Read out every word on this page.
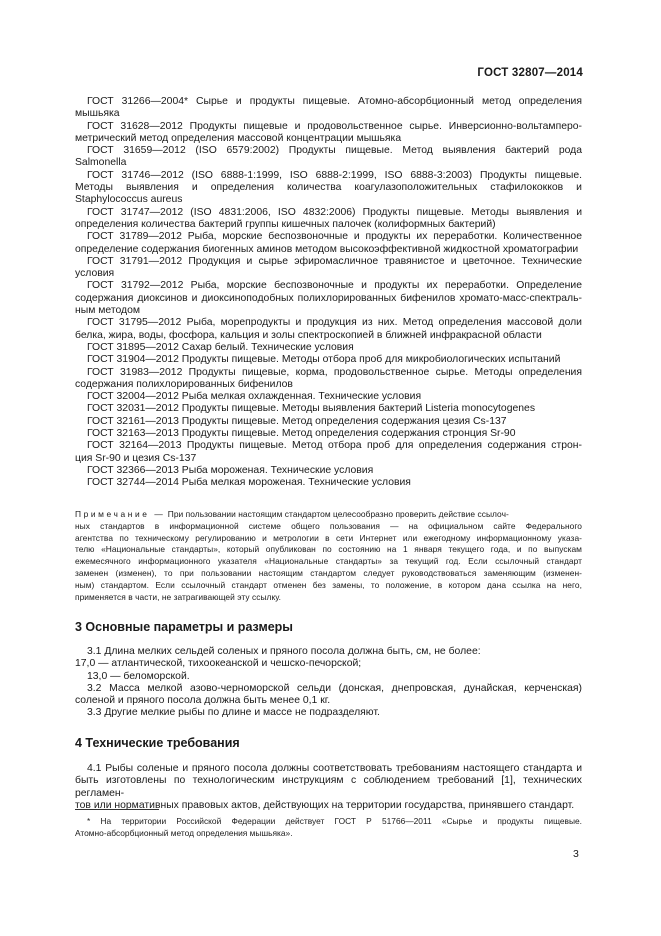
ГОСТ 32807—2014
ГОСТ 31266—2004* Сырье и продукты пищевые. Атомно-абсорбционный метод определения
мышьяка
ГОСТ 31628—2012 Продукты пищевые и продовольственное сырье. Инверсионно-вольтамперо-
метрический метод определения массовой концентрации мышьяка
ГОСТ 31659—2012 (ISO 6579:2002) Продукты пищевые. Метод выявления бактерий рода
Salmonella
ГОСТ 31746—2012 (ISO 6888-1:1999, ISO 6888-2:1999, ISO 6888-3:2003) Продукты пищевые.
Методы выявления и определения количества коагулазоположительных стафилококков и
Staphylococcus aureus
ГОСТ 31747—2012 (ISO 4831:2006, ISO 4832:2006) Продукты пищевые. Методы выявления и
определения количества бактерий группы кишечных палочек (колиформных бактерий)
ГОСТ 31789—2012 Рыба, морские беспозвоночные и продукты их переработки. Количественное
определение содержания биогенных аминов методом высокоэффективной жидкостной хроматографии
ГОСТ 31791—2012 Продукция и сырье эфиромасличное травянистое и цветочное. Технические
условия
ГОСТ 31792—2012 Рыба, морские беспозвоночные и продукты их переработки. Определение
содержания диоксинов и диоксиноподобных полихлорированных бифенилов хромато-масс-спектраль-
ным методом
ГОСТ 31795—2012 Рыба, морепродукты и продукция из них. Метод определения массовой доли
белка, жира, воды, фосфора, кальция и золы спектроскопией в ближней инфракрасной области
ГОСТ 31895—2012 Сахар белый. Технические условия
ГОСТ 31904—2012 Продукты пищевые. Методы отбора проб для микробиологических испытаний
ГОСТ 31983—2012 Продукты пищевые, корма, продовольственное сырье. Методы определения
содержания полихлорированных бифенилов
ГОСТ 32004—2012 Рыба мелкая охлажденная. Технические условия
ГОСТ 32031—2012 Продукты пищевые. Методы выявления бактерий Listeria monocytogenes
ГОСТ 32161—2013 Продукты пищевые. Метод определения содержания цезия Cs-137
ГОСТ 32163—2013 Продукты пищевые. Метод определения содержания стронция Sr-90
ГОСТ 32164—2013 Продукты пищевые. Метод отбора проб для определения содержания строн-
ция Sr-90 и цезия Cs-137
ГОСТ 32366—2013 Рыба мороженая. Технические условия
ГОСТ 32744—2014 Рыба мелкая мороженая. Технические условия
Примечание — При пользовании настоящим стандартом целесообразно проверить действие ссылоч-
ных стандартов в информационной системе общего пользования — на официальном сайте Федерального
агентства по техническому регулированию и метрологии в сети Интернет или ежегодному информационному указа-
телю «Национальные стандарты», который опубликован по состоянию на 1 января текущего года, и по выпускам
ежемесячного информационного указателя «Национальные стандарты» за текущий год. Если ссылочный стандарт
заменен (изменен), то при пользовании настоящим стандартом следует руководствоваться заменяющим (изменен-
ным) стандартом. Если ссылочный стандарт отменен без замены, то положение, в котором дана ссылка на него,
применяется в части, не затрагивающей эту ссылку.
3 Основные параметры и размеры
3.1 Длина мелких сельдей соленых и пряного посола должна быть, см, не более:
17,0 — атлантической, тихоокеанской и чешско-печорской;
13,0 — беломорской.
3.2 Масса мелкой азово-черноморской сельди (донская, днепровская, дунайская, керченская)
соленой и пряного посола должна быть менее 0,1 кг.
3.3 Другие мелкие рыбы по длине и массе не подразделяют.
4 Технические требования
4.1 Рыбы соленые и пряного посола должны соответствовать требованиям настоящего стандарта и
быть изготовлены по технологическим инструкциям с соблюдением требований [1], технических регламен-
тов или нормативных правовых актов, действующих на территории государства, принявшего стандарт.
* На территории Российской Федерации действует ГОСТ Р 51766—2011 «Сырье и продукты пищевые.
Атомно-абсорбционный метод определения мышьяка».
3
